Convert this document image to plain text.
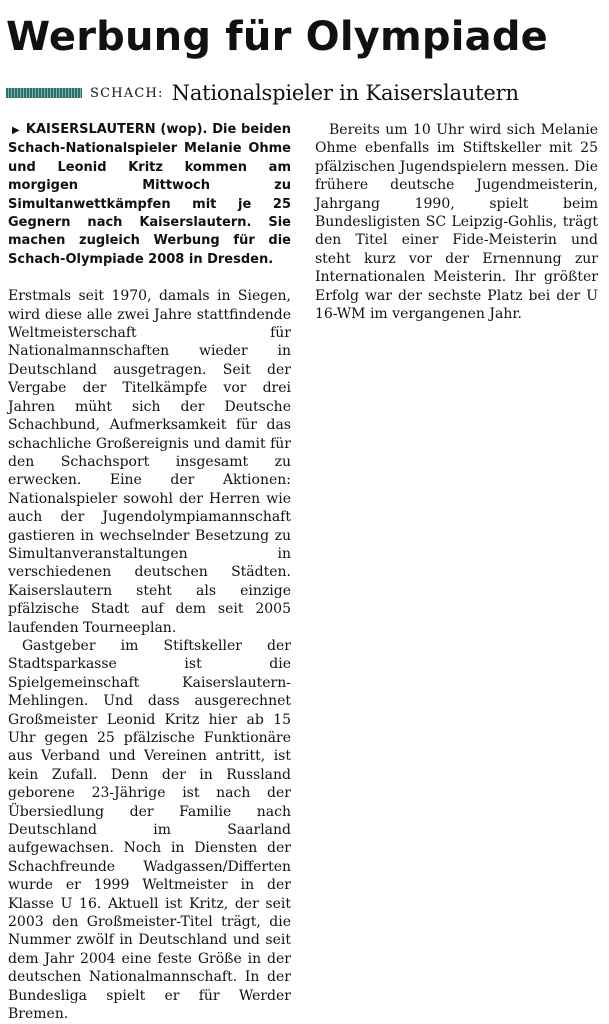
Werbung für Olympiade
SCHACH: Nationalspieler in Kaiserslautern

▶ KAISERSLAUTERN (wop). Die beiden Schach-Nationalspieler Melanie Ohme und Leonid Kritz kommen am morgigen Mittwoch zu Simultanwettkämpfen mit je 25 Gegnern nach Kaiserslautern. Sie machen zugleich Werbung für die Schach-Olympiade 2008 in Dresden.

Erstmals seit 1970, damals in Siegen, wird diese alle zwei Jahre stattfindende Weltmeisterschaft für Nationalmannschaften wieder in Deutschland ausgetragen. Seit der Vergabe der Titelkämpfe vor drei Jahren müht sich der Deutsche Schachbund, Aufmerksamkeit für das schachliche Großereignis und damit für den Schachsport insgesamt zu erwecken. Eine der Aktionen: Nationalspieler sowohl der Herren wie auch der Jugendolympiamannschaft gastieren in wechselnder Besetzung zu Simultanveranstaltungen in verschiedenen deutschen Städten. Kaiserslautern steht als einzige pfälzische Stadt auf dem seit 2005 laufenden Tourneeplan.

Gastgeber im Stiftskeller der Stadtsparkasse ist die Spielgemeinschaft Kaiserslautern-Mehlingen. Und dass ausgerechnet Großmeister Leonid Kritz hier ab 15 Uhr gegen 25 pfälzische Funktionäre aus Verband und Vereinen antritt, ist kein Zufall. Denn der in Russland geborene 23-Jährige ist nach der Übersiedlung der Familie nach Deutschland im Saarland aufgewachsen. Noch in Diensten der Schachfreunde Wadgassen/Differten wurde er 1999 Weltmeister in der Klasse U 16. Aktuell ist Kritz, der seit 2003 den Großmeister-Titel trägt, die Nummer zwölf in Deutschland und seit dem Jahr 2004 eine feste Größe in der deutschen Nationalmannschaft. In der Bundesliga spielt er für Werder Bremen.

Bereits um 10 Uhr wird sich Melanie Ohme ebenfalls im Stiftskeller mit 25 pfälzischen Jugendspielern messen. Die frühere deutsche Jugendmeisterin, Jahrgang 1990, spielt beim Bundesligisten SC Leipzig-Gohlis, trägt den Titel einer Fide-Meisterin und steht kurz vor der Ernennung zur Internationalen Meisterin. Ihr größter Erfolg war der sechste Platz bei der U 16-WM im vergangenen Jahr.
